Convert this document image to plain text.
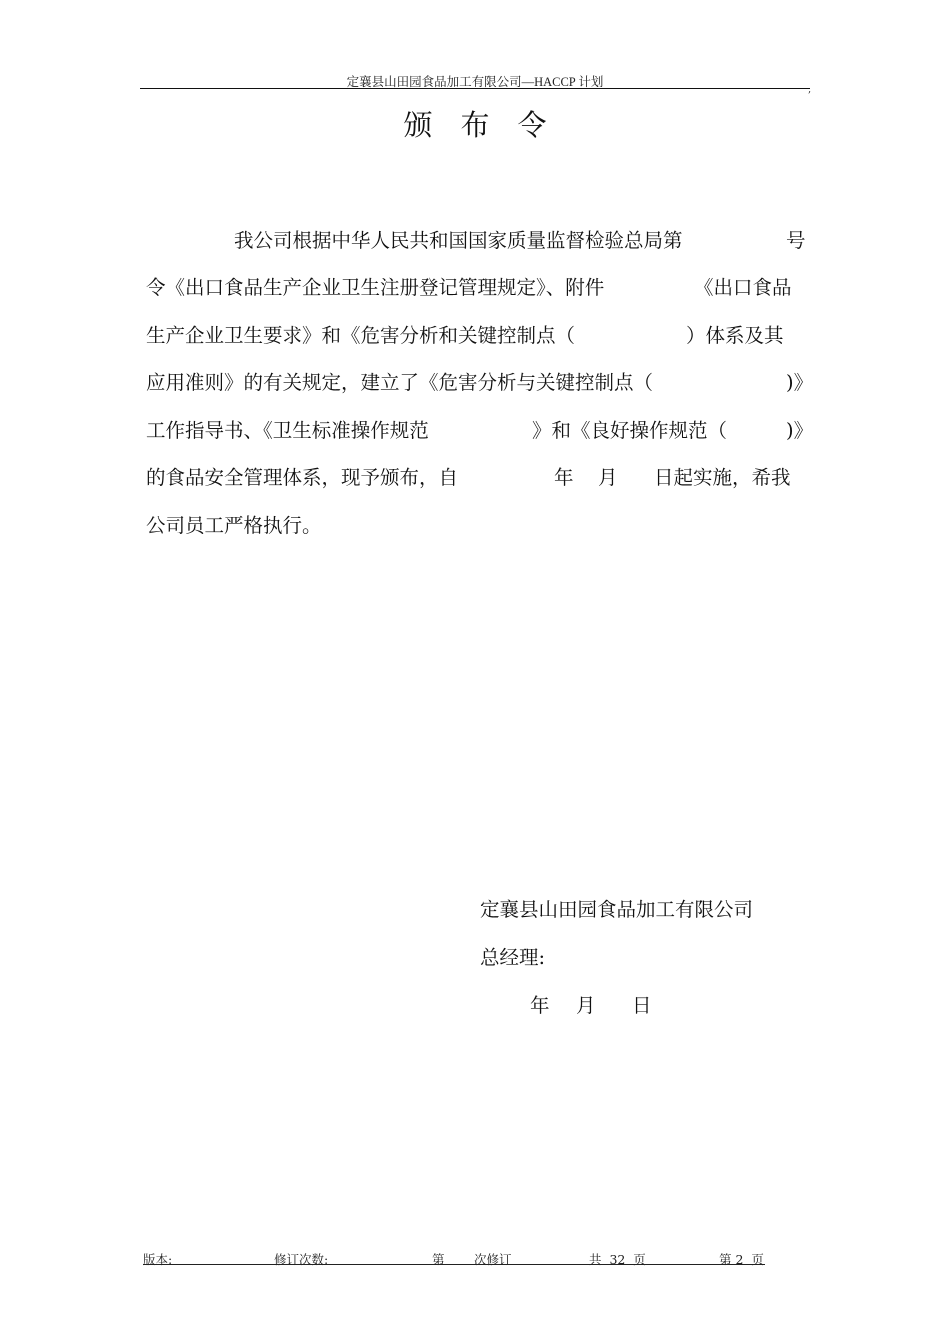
定襄县山田园食品加工有限公司—HACCP 计划
,
颁布令

我公司根据中华人民共和国国家质量监督检验总局第

	号

令《出口食品生产企业卫生注册登记管理规定》、附件

	《出口食品

生产企业卫生要求》和《危害分析和关键控制点（

	）体系及其

应用准则》的有关规定，建立了《危害分析与关键控制点（

	)》

工作指导书、《卫生标准操作规范

	》和《良好操作规范（

	)》

的食品安全管理体系，现予颁布，自

	年

月

日起实施，希我

公司员工严格执行。

定襄县山田园食品加工有限公司
总经理:
年 月 日
版本:	修订次数:	第 次修订	共  32  页	第 2  页
